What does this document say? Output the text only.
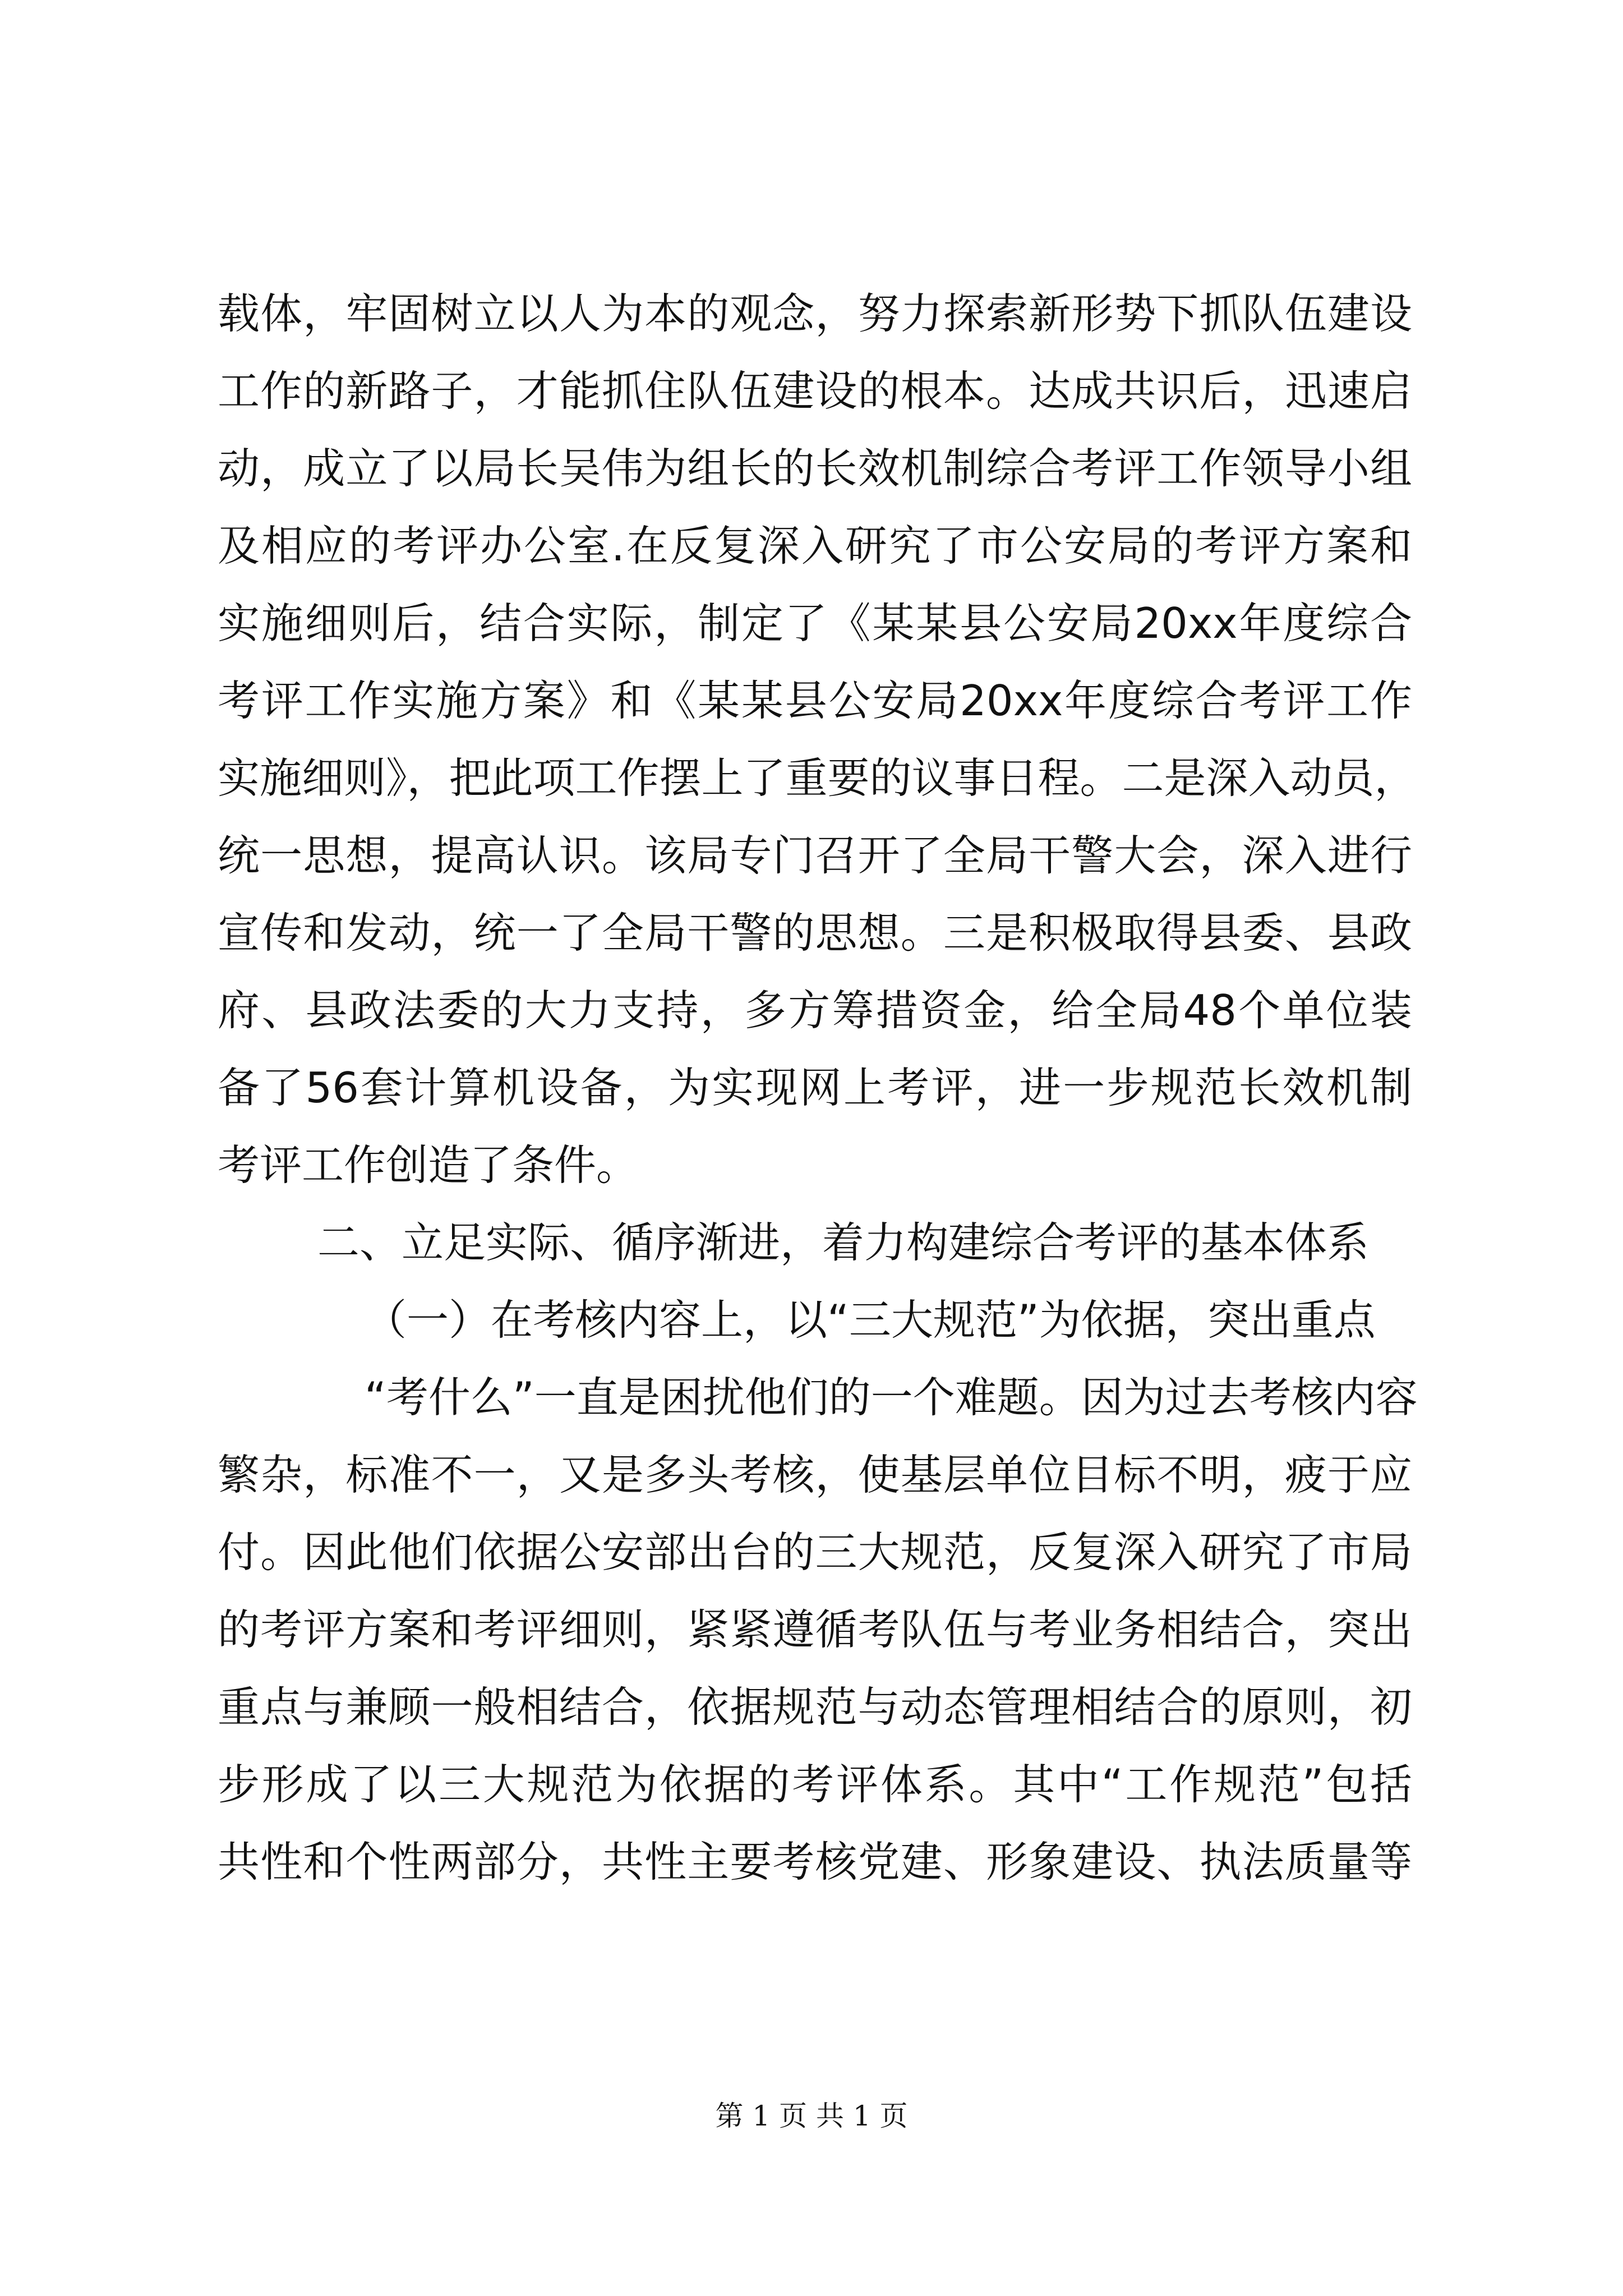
载体，牢固树立以人为本的观念，努力探索新形势下抓队伍建设
工作的新路子，才能抓住队伍建设的根本。达成共识后，迅速启
动，成立了以局长吴伟为组长的长效机制综合考评工作领导小组
及相应的考评办公室.在反复深入研究了市公安局的考评方案和
实施细则后，结合实际，制定了《某某县公安局20xx年度综合
考评工作实施方案》和《某某县公安局20xx年度综合考评工作
实施细则》，把此项工作摆上了重要的议事日程。二是深入动员，
统一思想，提高认识。该局专门召开了全局干警大会，深入进行
宣传和发动，统一了全局干警的思想。三是积极取得县委、县政
府、县政法委的大力支持，多方筹措资金，给全局48个单位装
备了56套计算机设备，为实现网上考评，进一步规范长效机制
考评工作创造了条件。
二、立足实际、循序渐进，着力构建综合考评的基本体系
（一）在考核内容上，以“三大规范”为依据，突出重点
“考什么”一直是困扰他们的一个难题。因为过去考核内容
繁杂，标准不一，又是多头考核，使基层单位目标不明，疲于应
付。因此他们依据公安部出台的三大规范，反复深入研究了市局
的考评方案和考评细则，紧紧遵循考队伍与考业务相结合，突出
重点与兼顾一般相结合，依据规范与动态管理相结合的原则，初
步形成了以三大规范为依据的考评体系。其中“工作规范”包括
共性和个性两部分，共性主要考核党建、形象建设、执法质量等
第 1 页 共 1 页
